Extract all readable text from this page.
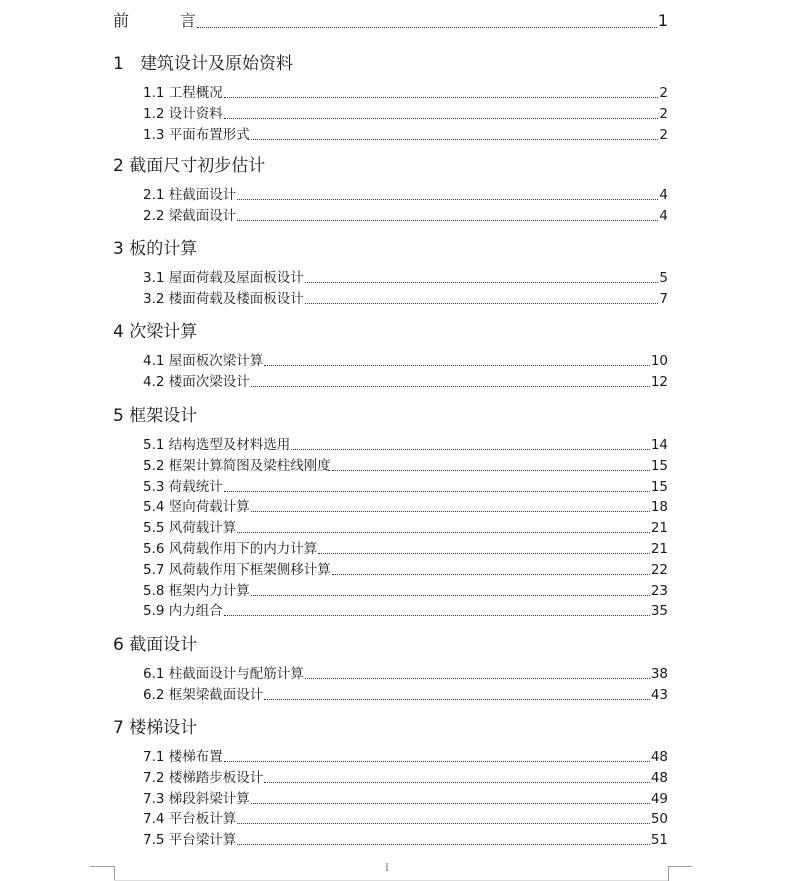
I
前          言	1
1   建筑设计及原始资料
1.1 工程概况	2
1.2 设计资料	2
1.3 平面布置形式	2
2 截面尺寸初步估计
2.1 柱截面设计	4
2.2 梁截面设计	4
3 板的计算
3.1 屋面荷载及屋面板设计	5
3.2 楼面荷载及楼面板设计	7
4 次梁计算
4.1 屋面板次梁计算	10
4.2 楼面次梁设计	12
5 框架设计
5.1 结构选型及材料选用	14
5.2 框架计算简图及梁柱线刚度	15
5.3 荷载统计	15
5.4 竖向荷载计算	18
5.5 风荷载计算	21
5.6 风荷载作用下的内力计算	21
5.7 风荷载作用下框架侧移计算	22
5.8 框架内力计算	23
5.9 内力组合	35
6 截面设计
6.1 柱截面设计与配筋计算	38
6.2 框架梁截面设计	43
7 楼梯设计
7.1 楼梯布置	48
7.2 楼梯踏步板设计	48
7.3 梯段斜梁计算	49
7.4 平台板计算	50
7.5 平台梁计算	51
